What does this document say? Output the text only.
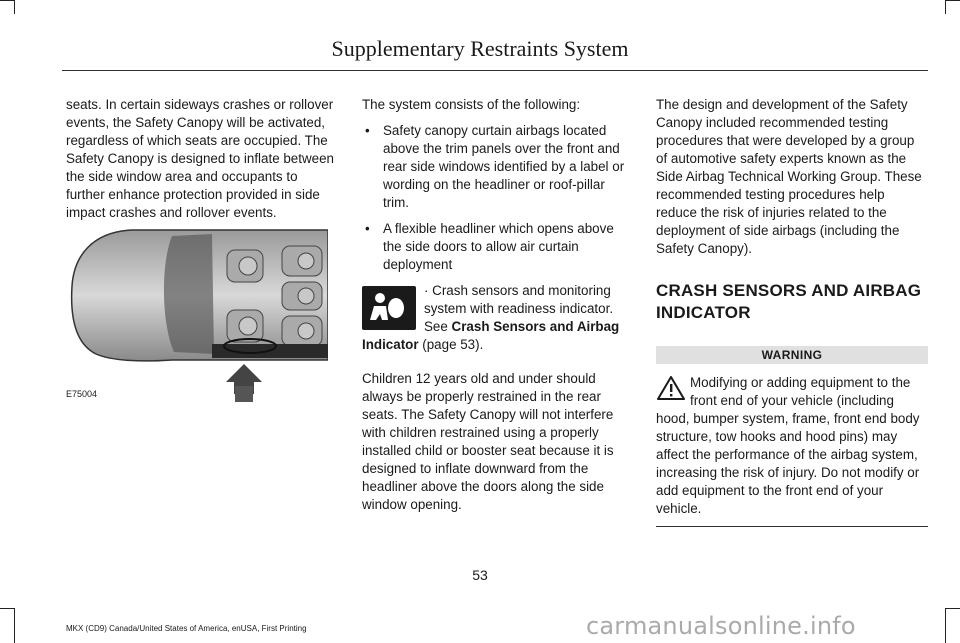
Supplementary Restraints System

seats. In certain sideways crashes or rollover events, the Safety Canopy will be activated, regardless of which seats are occupied. The Safety Canopy is designed to inflate between the side window area and occupants to further enhance protection provided in side impact crashes and rollover events.

E75004

The system consists of the following:

• Safety canopy curtain airbags located above the trim panels over the front and rear side windows identified by a label or wording on the headliner or roof-pillar trim.
• A flexible headliner which opens above the side doors to allow air curtain deployment
· Crash sensors and monitoring system with readiness indicator. See Crash Sensors and Airbag Indicator (page 53).

Children 12 years old and under should always be properly restrained in the rear seats. The Safety Canopy will not interfere with children restrained using a properly installed child or booster seat because it is designed to inflate downward from the headliner above the doors along the side window opening.

The design and development of the Safety Canopy included recommended testing procedures that were developed by a group of automotive safety experts known as the Side Airbag Technical Working Group. These recommended testing procedures help reduce the risk of injuries related to the deployment of side airbags (including the Safety Canopy).

CRASH SENSORS AND AIRBAG INDICATOR
WARNING
Modifying or adding equipment to the front end of your vehicle (including hood, bumper system, frame, front end body structure, tow hooks and hood pins) may affect the performance of the airbag system, increasing the risk of injury. Do not modify or add equipment to the front end of your vehicle.
53
MKX (CD9) Canada/United States of America, enUSA, First Printing	carmanualsonline.info
